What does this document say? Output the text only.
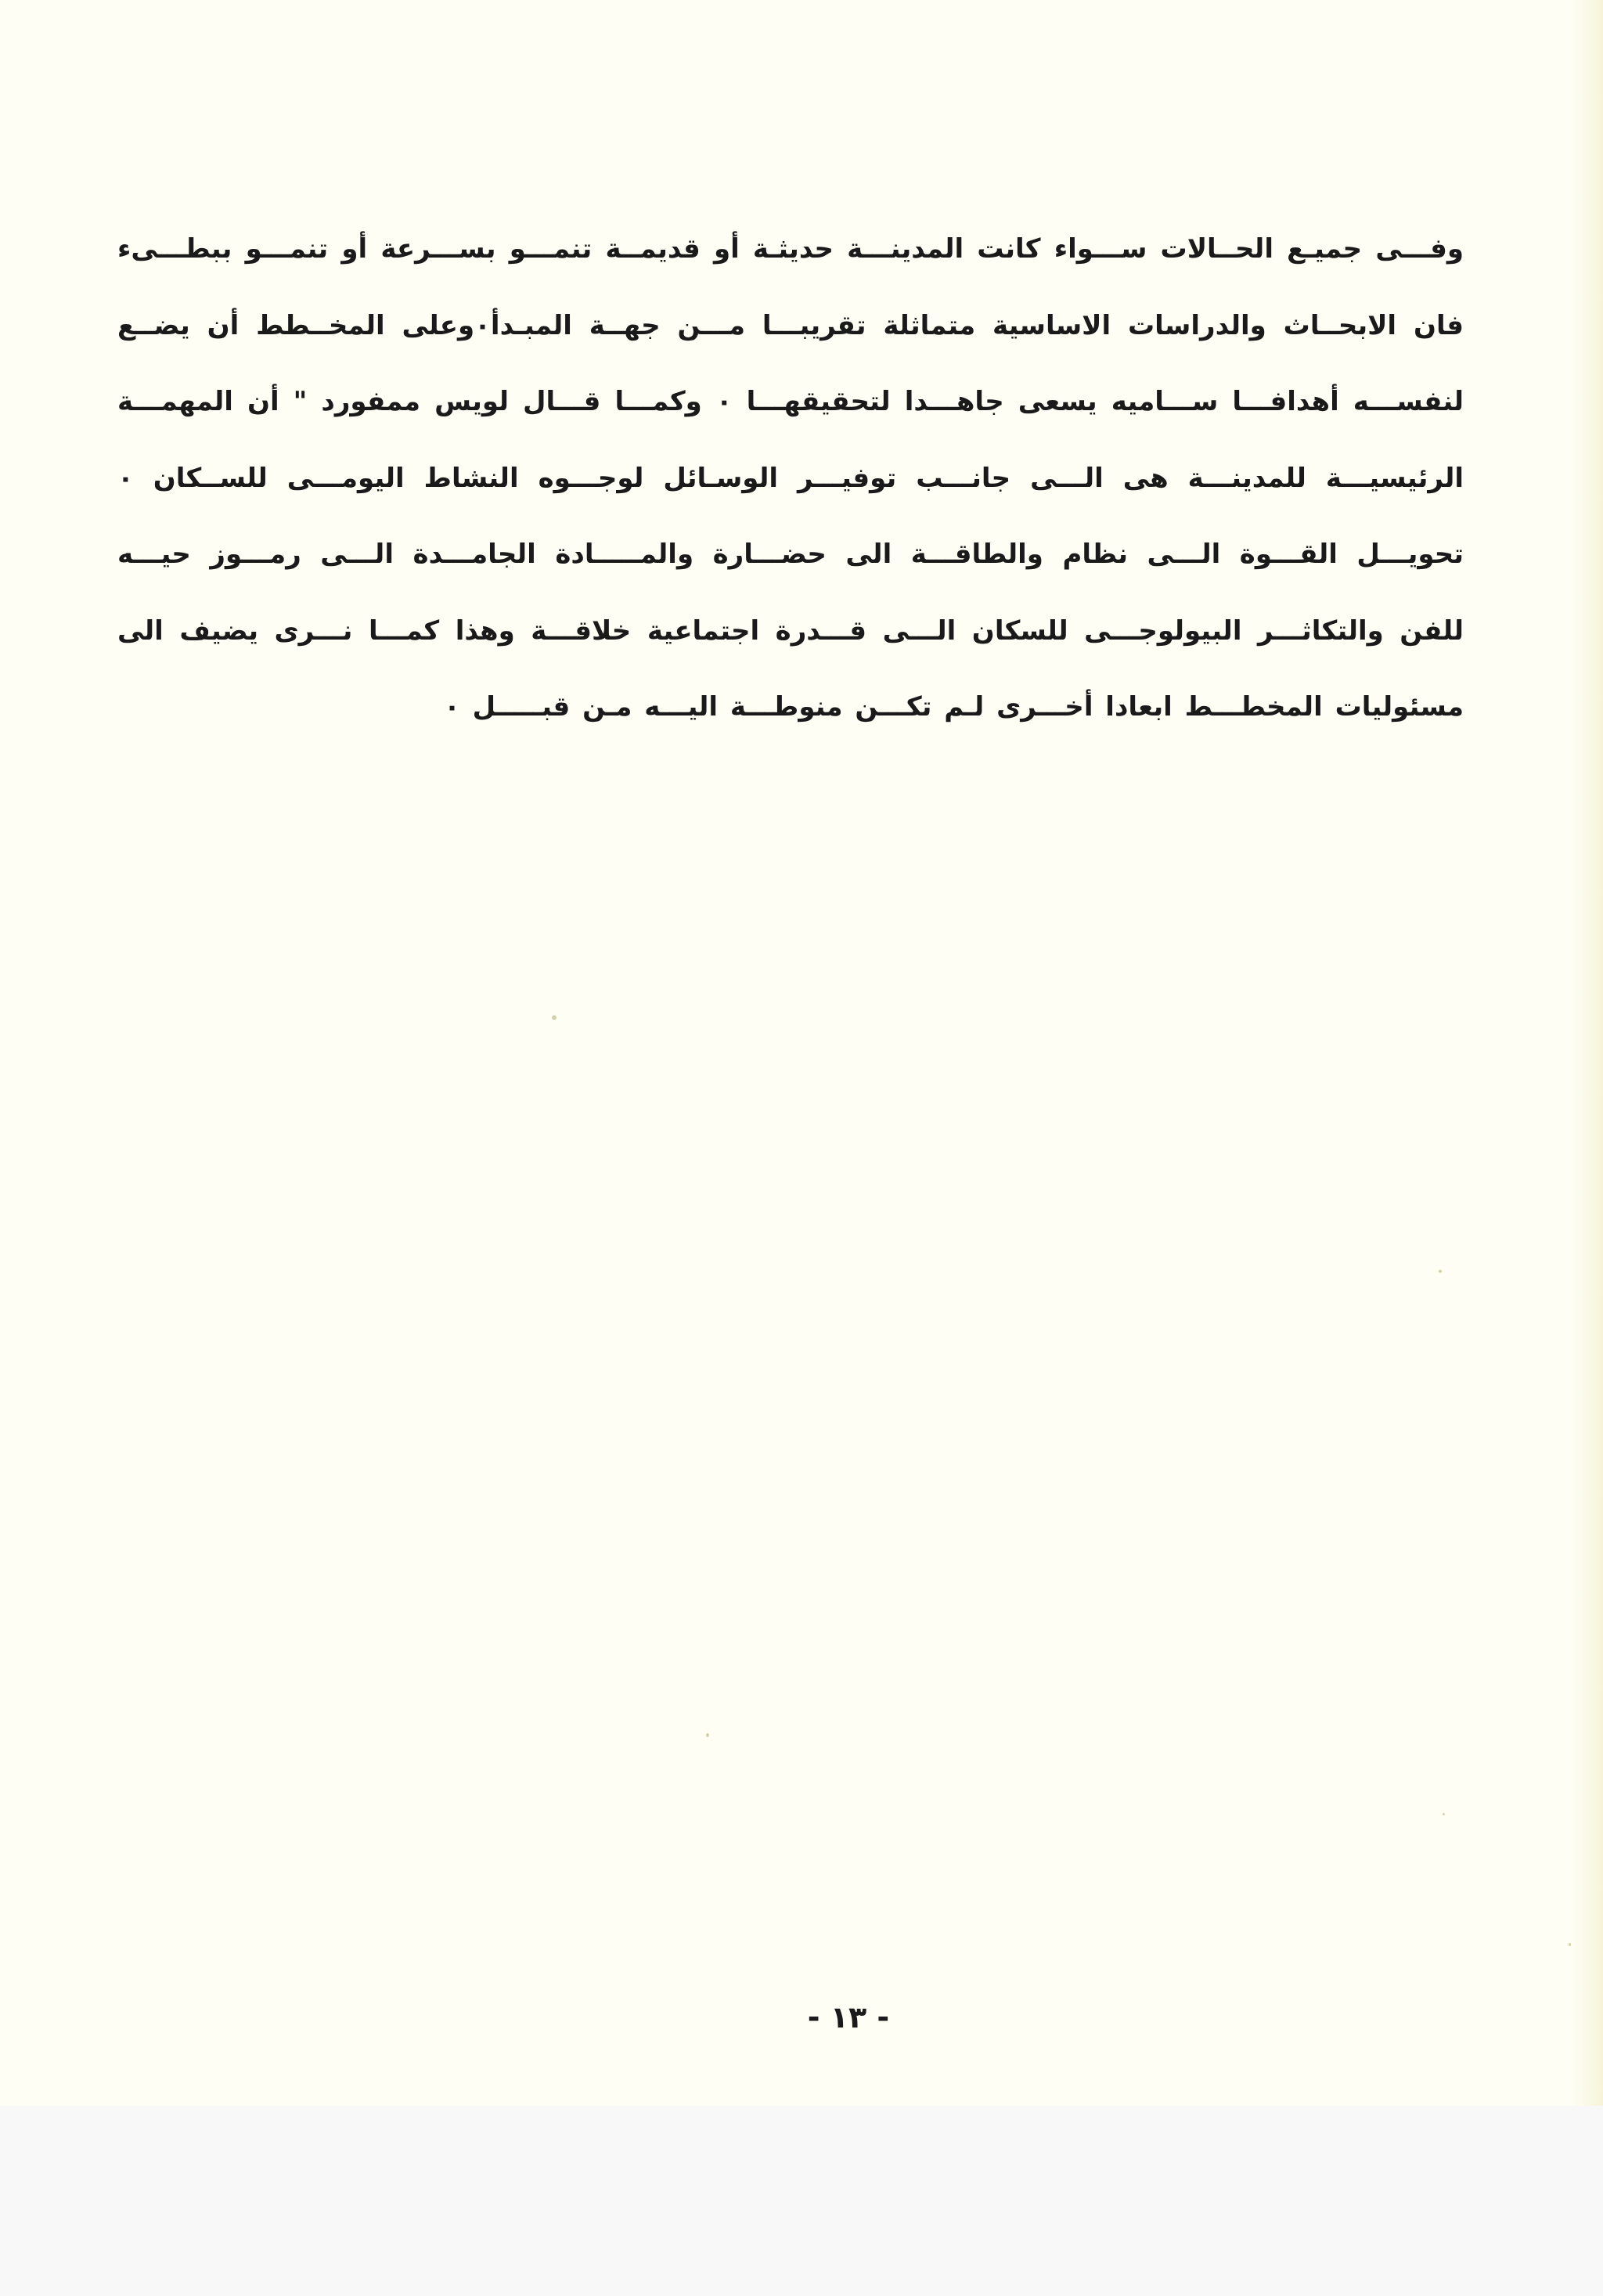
وفـــى جميـع الحــالات ســـواء كانت المدينـــة حديثـة أو قديمــة تنمـــو بســـرعة أو تنمـــو ببطـــىء فان الابحــاث والدراسات الاساسية متماثلة تقريبـــا مـــن جهــة المبـدأ٠وعلى المخــطط أن يضــع لنفســـه أهدافـــا ســـاميه يسعى جاهـــدا لتحقيقهـــا ٠ وكمـــا قـــال لويس ممفورد " أن المهمـــة الرئيسيـــة للمدينـــة هى الـــى جانـــب توفيـــر الوسـائل لوجـــوه النشاط اليومـــى للســكان ٠ تحويـــل القـــوة الـــى نظام والطاقـــة الى حضـــارة والمـــــادة الجامـــدة الـــى رمـــوز حيـــه للفن والتكاثـــر البيولوجـــى للسكان الـــى قـــدرة اجتماعية خلاقـــة وهذا كمـــا نـــرى يضيف الى مسئوليات المخطـــط ابعادا أخـــرى لـم تكـــن منوطـــة اليـــه مـن قبـــــل ٠

- ١٣ -
